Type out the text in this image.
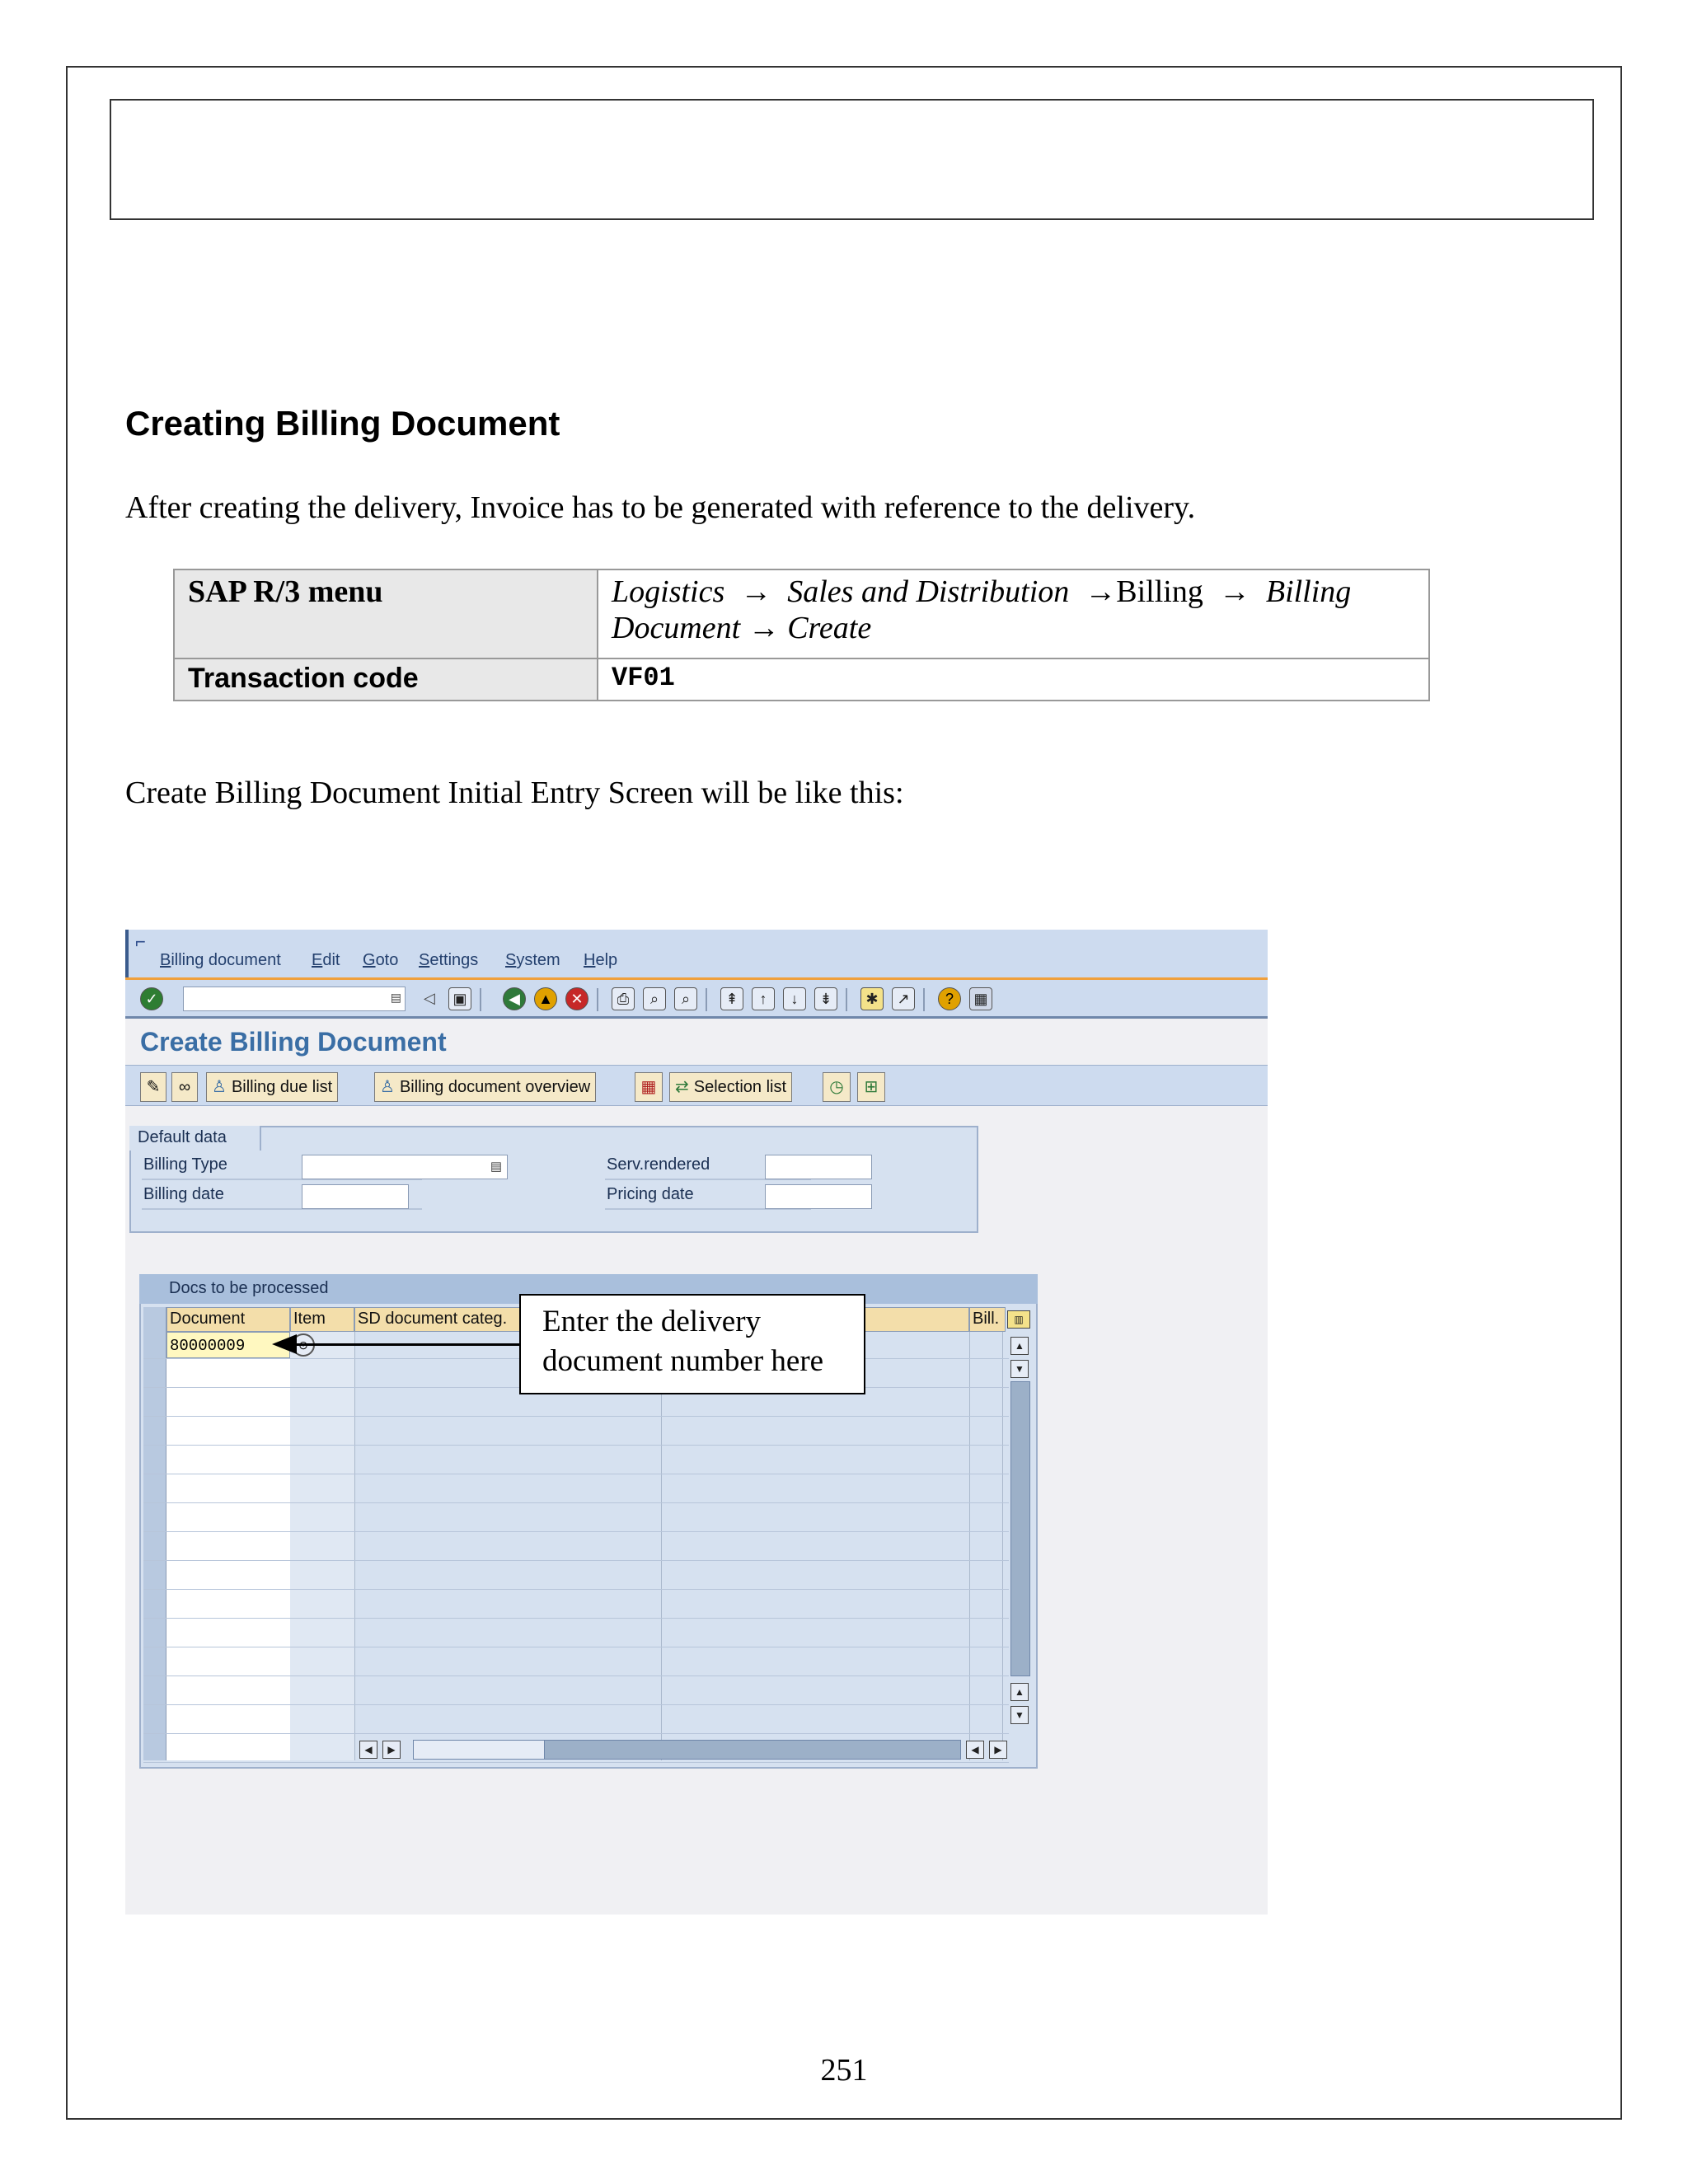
Creating Billing Document
After creating the delivery, Invoice has to be generated with reference to the delivery.
SAP R/3 menu	Logistics → Sales and Distribution →Billing → Billing Document → Create
Transaction code	VF01
Create Billing Document Initial Entry Screen will be like this:
⌐
Billing document Edit Goto Settings System Help
✓	▤ ◁	▣	◀	▲	✕	⎙	⌕	⌕	⇞	↑	↓	⇟	✱	↗	?	▦
Create Billing Document
✎	∞	♙ Billing due list	♙ Billing document overview	▦	⇄ Selection list	◷	⊞
Default data
Billing Type	▤
Billing date
Serv.rendered
Pricing date
Docs to be processed
Document	Item	SD document categ.	Bill.	▥
80000009	▲
▼
▲
▼
◀	▶	◀	▶
Enter the delivery document number here
251
